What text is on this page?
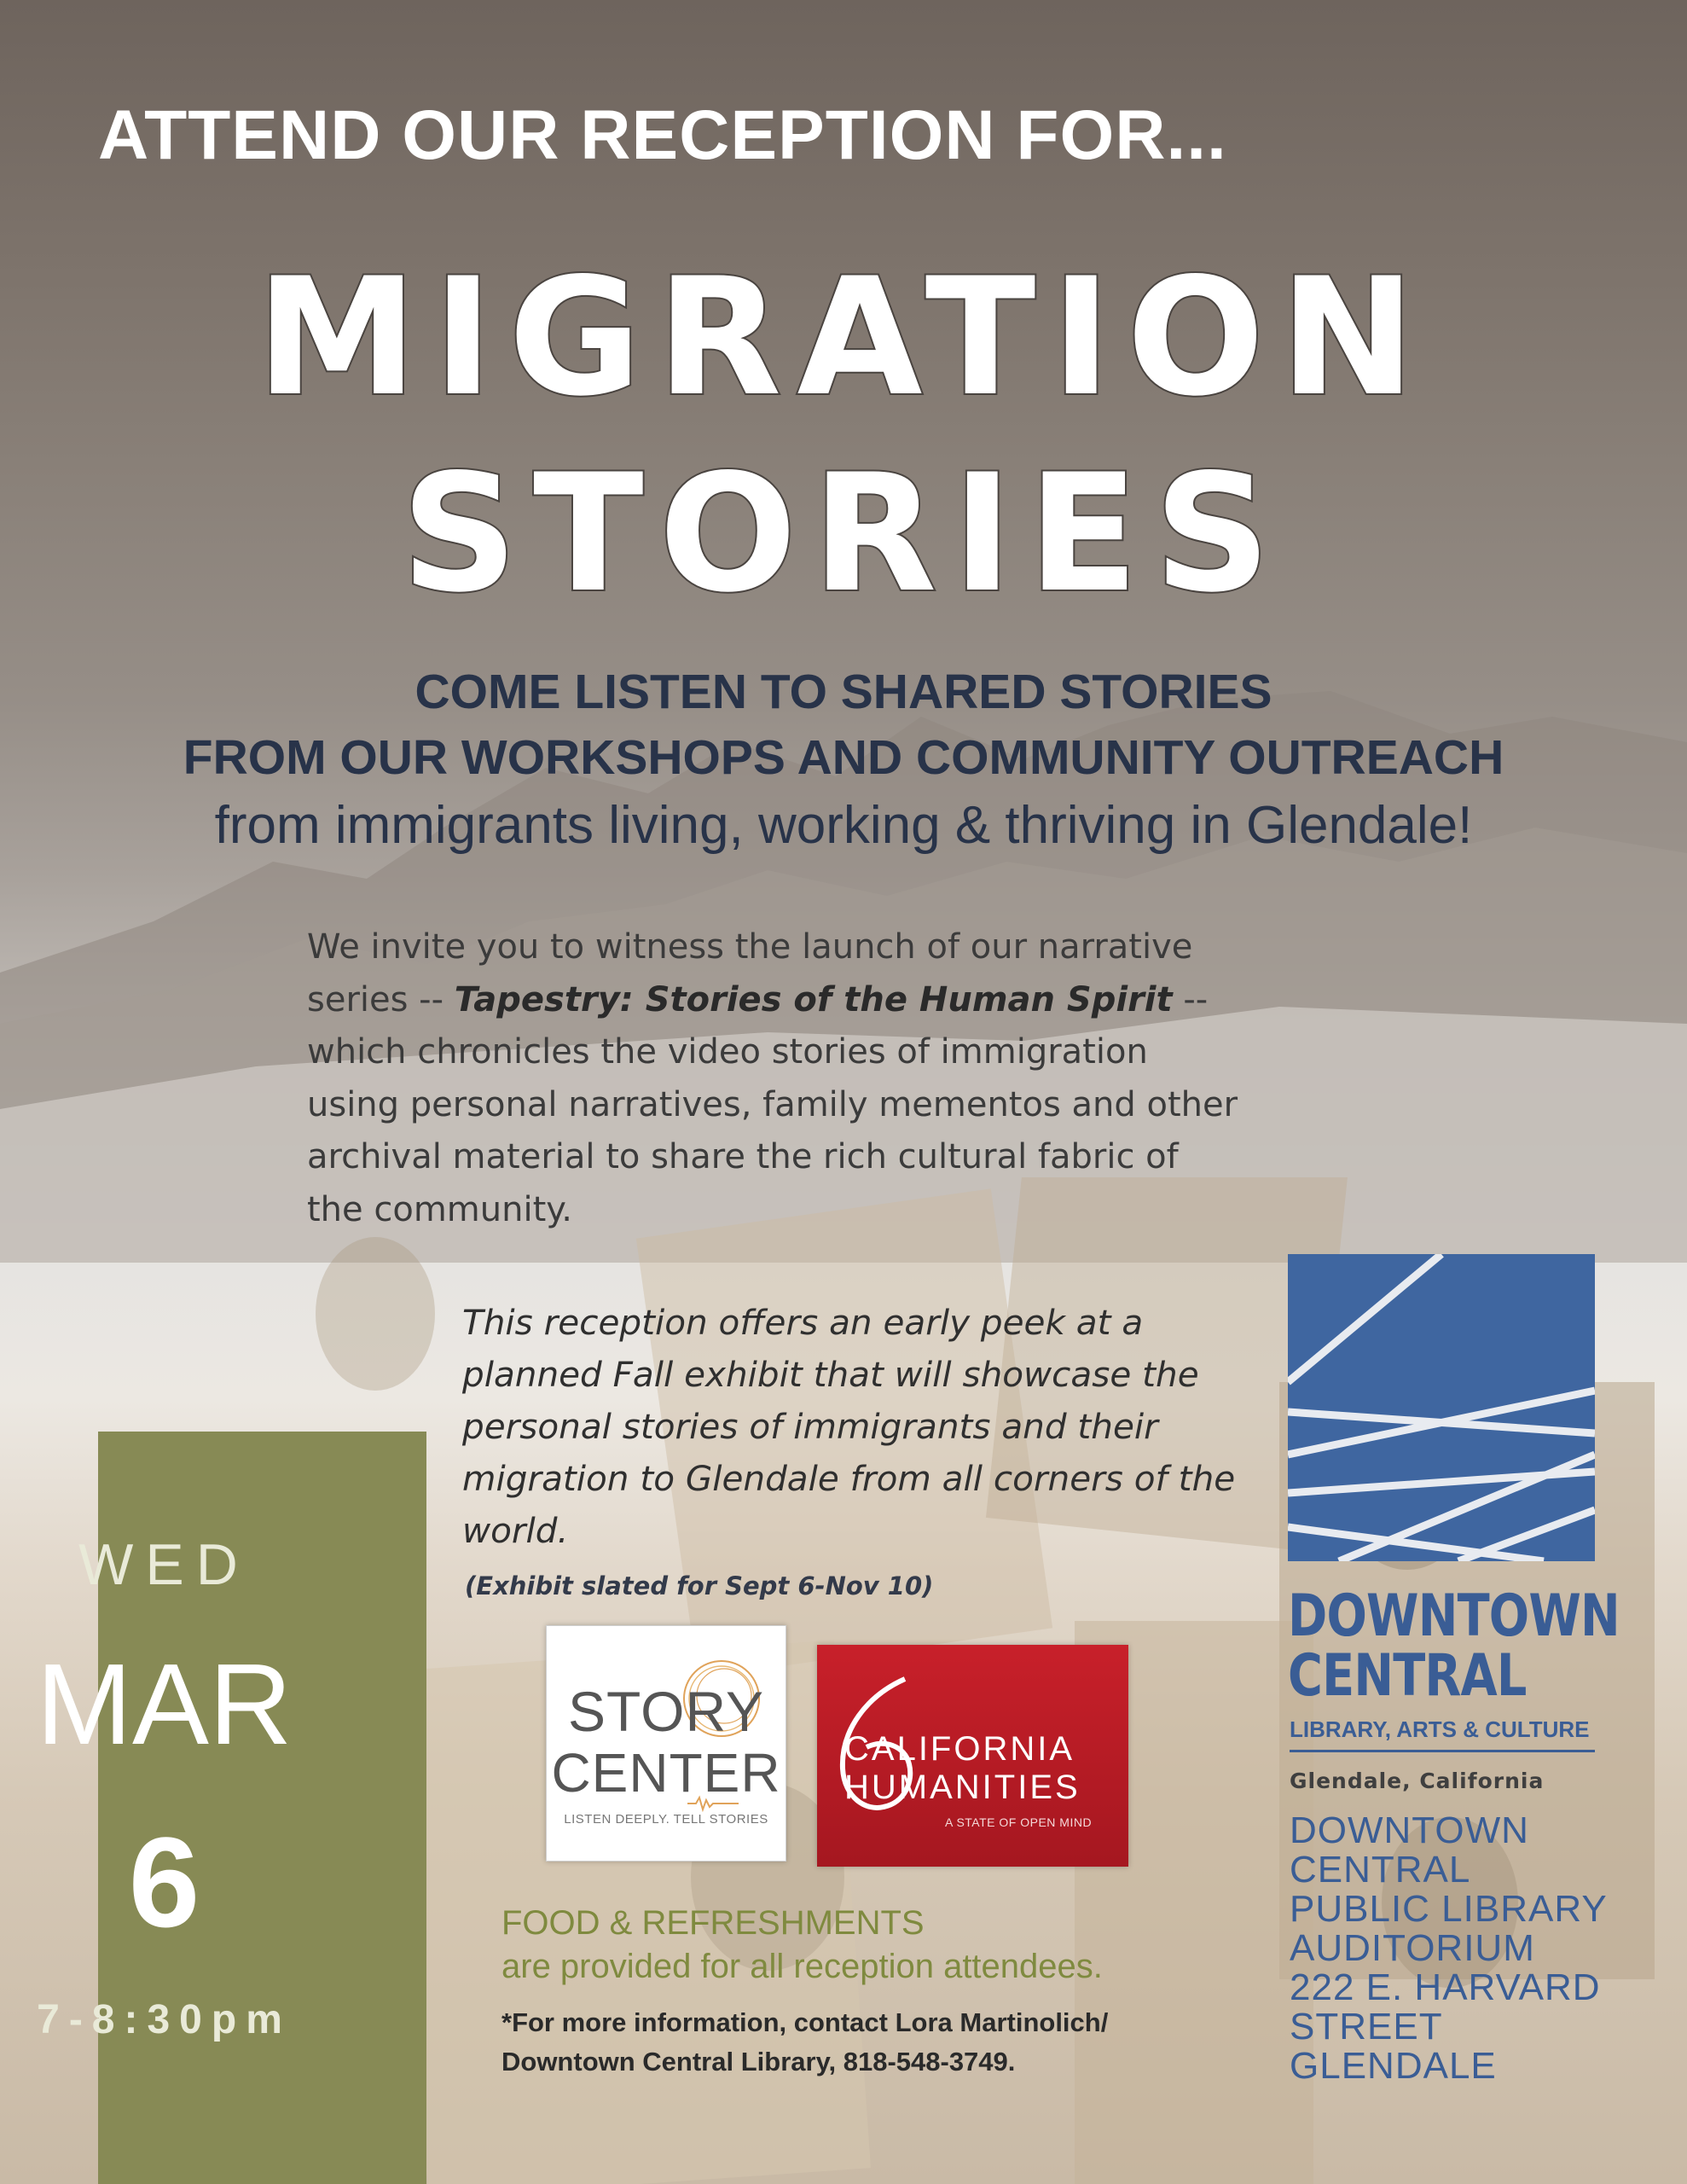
ATTEND OUR RECEPTION FOR...
MIGRATION
STORIES
COME LISTEN TO SHARED STORIES
FROM OUR WORKSHOPS AND COMMUNITY OUTREACH
from immigrants living, working & thriving in Glendale!
We invite you to witness the launch of our narrative series -- Tapestry: Stories of the Human Spirit -- which chronicles the video stories of immigration using personal narratives, family mementos and other archival material to share the rich cultural fabric of the community.
This reception offers an early peek at a planned Fall exhibit that will showcase the personal stories of immigrants and their migration to Glendale from all corners of the world.
(Exhibit slated for Sept 6-Nov 10)
WED
MAR
6
7-8:30pm
STORY
CENTER
LISTEN DEEPLY. TELL STORIES
CALIFORNIA
HUMANITIES
A STATE OF OPEN MIND
FOOD & REFRESHMENTS
are provided for all reception attendees.
*For more information, contact Lora Martinolich/ Downtown Central Library, 818-548-3749.
DOWNTOWN
CENTRAL
LIBRARY, ARTS & CULTURE
Glendale, California
DOWNTOWN
CENTRAL
PUBLIC LIBRARY
AUDITORIUM
222 E. HARVARD
STREET
GLENDALE
